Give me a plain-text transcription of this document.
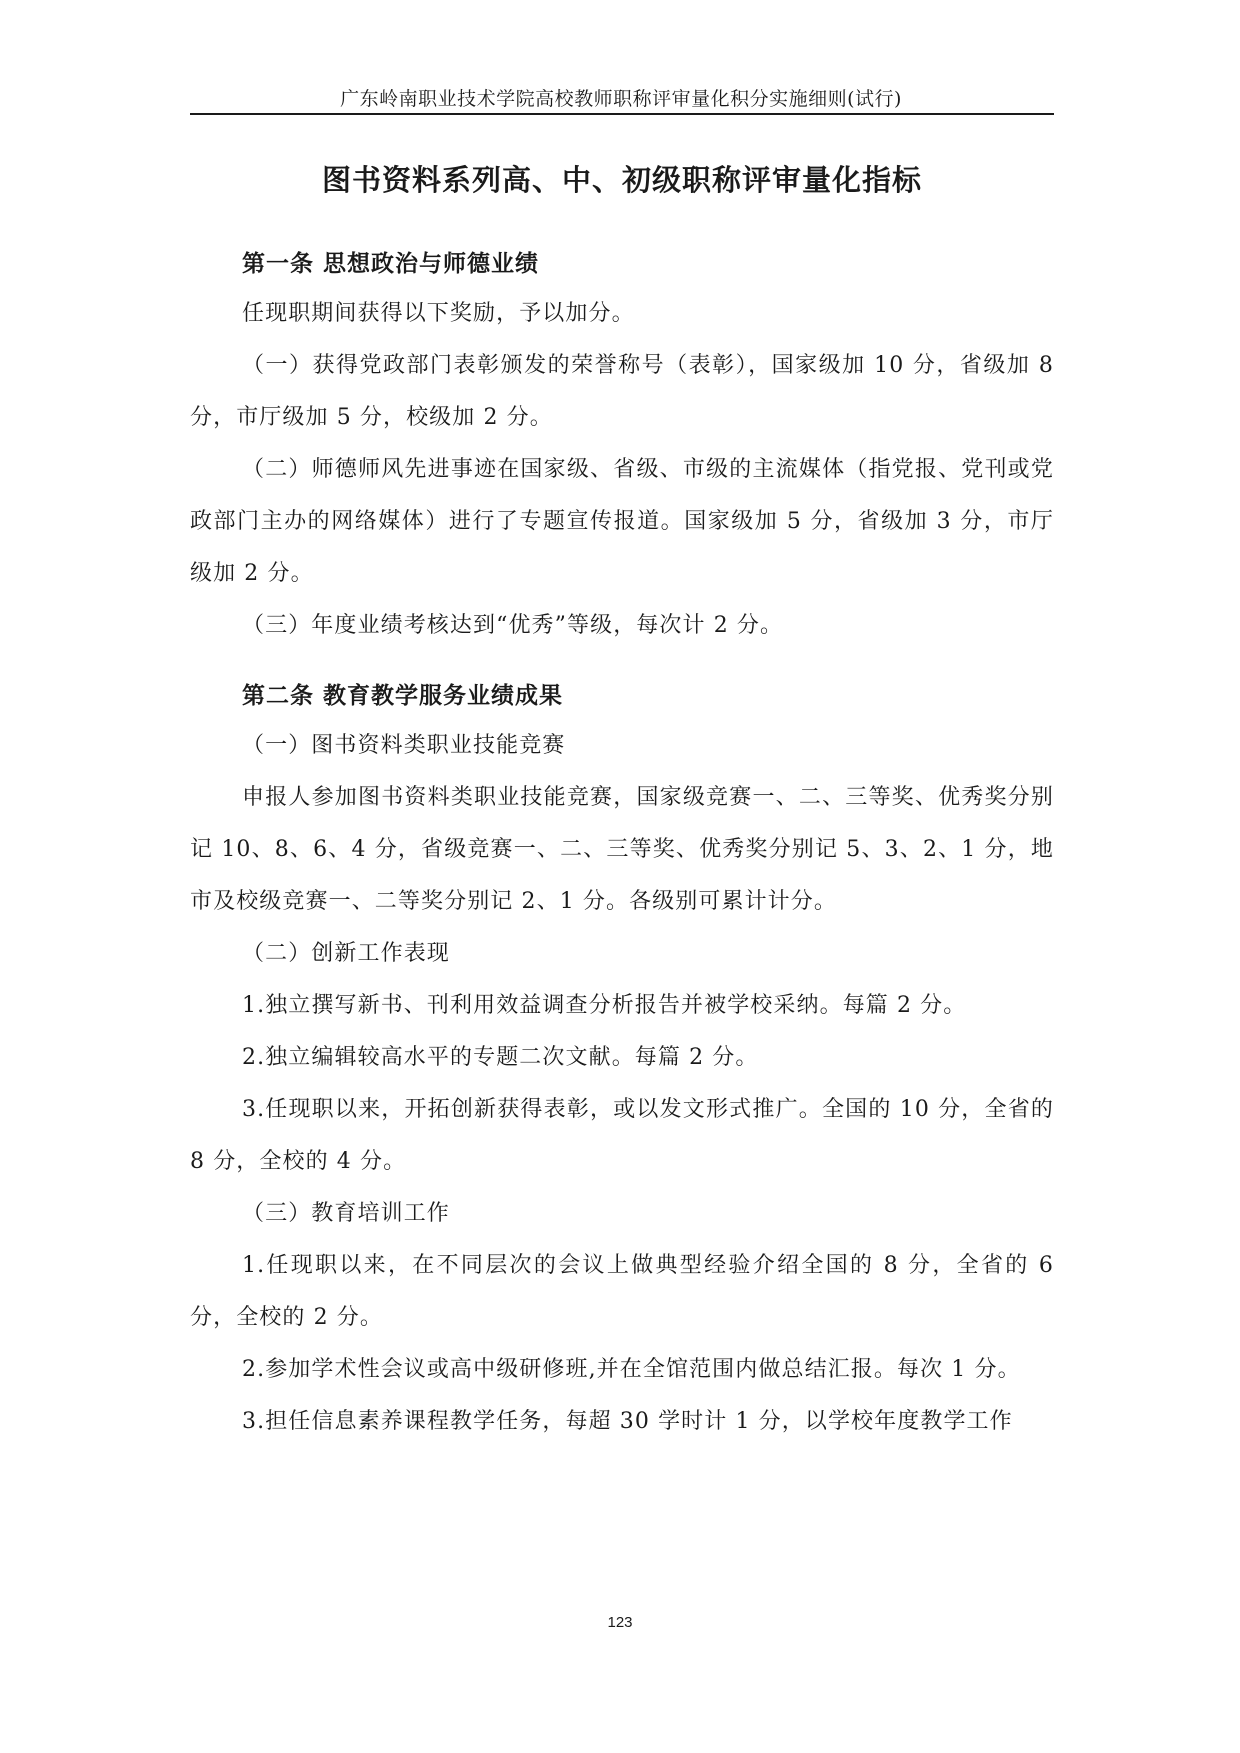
广东岭南职业技术学院高校教师职称评审量化积分实施细则(试行)
图书资料系列高、中、初级职称评审量化指标
第一条 思想政治与师德业绩

任现职期间获得以下奖励，予以加分。

（一）获得党政部门表彰颁发的荣誉称号（表彰），国家级加 10 分，省级加 8 分，市厅级加 5 分，校级加 2 分。

（二）师德师风先进事迹在国家级、省级、市级的主流媒体（指党报、党刊或党政部门主办的网络媒体）进行了专题宣传报道。国家级加 5 分，省级加 3 分，市厅级加 2 分。

（三）年度业绩考核达到“优秀”等级，每次计 2 分。

第二条 教育教学服务业绩成果

（一）图书资料类职业技能竞赛

申报人参加图书资料类职业技能竞赛，国家级竞赛一、二、三等奖、优秀奖分别记 10、8、6、4 分，省级竞赛一、二、三等奖、优秀奖分别记 5、3、2、1 分，地市及校级竞赛一、二等奖分别记 2、1 分。各级别可累计计分。

（二）创新工作表现

1.独立撰写新书、刊利用效益调查分析报告并被学校采纳。每篇 2 分。

2.独立编辑较高水平的专题二次文献。每篇 2 分。

3.任现职以来，开拓创新获得表彰，或以发文形式推广。全国的 10 分，全省的 8 分，全校的 4 分。

（三）教育培训工作

1.任现职以来，在不同层次的会议上做典型经验介绍全国的 8 分，全省的 6 分，全校的 2 分。

2.参加学术性会议或高中级研修班,并在全馆范围内做总结汇报。每次 1 分。

3.担任信息素养课程教学任务，每超 30 学时计 1 分，以学校年度教学工作

123
